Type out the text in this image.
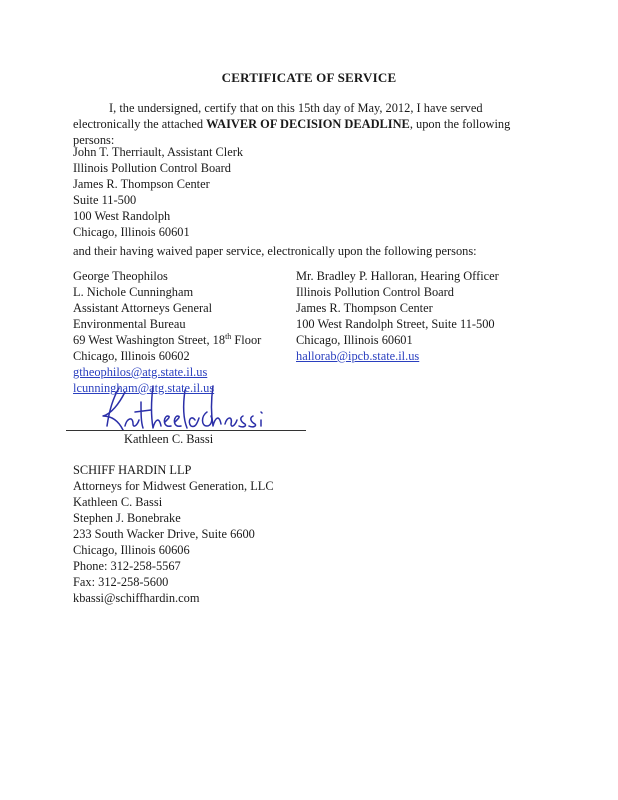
CERTIFICATE OF SERVICE
I, the undersigned, certify that on this 15th day of May, 2012, I have served electronically the attached WAIVER OF DECISION DEADLINE, upon the following persons:
John T. Therriault, Assistant Clerk
Illinois Pollution Control Board
James R. Thompson Center
Suite 11-500
100 West Randolph
Chicago, Illinois 60601
and their having waived paper service, electronically upon the following persons:
George Theophilos
L. Nichole Cunningham
Assistant Attorneys General
Environmental Bureau
69 West Washington Street, 18th Floor
Chicago, Illinois 60602
gtheophilos@atg.state.il.us
lcunningham@atg.state.il.us
Mr. Bradley P. Halloran, Hearing Officer
Illinois Pollution Control Board
James R. Thompson Center
100 West Randolph Street, Suite 11-500
Chicago, Illinois 60601
hallorab@ipcb.state.il.us
Kathleen C. Bassi
SCHIFF HARDIN LLP
Attorneys for Midwest Generation, LLC
Kathleen C. Bassi
Stephen J. Bonebrake
233 South Wacker Drive, Suite 6600
Chicago, Illinois 60606
Phone: 312-258-5567
Fax: 312-258-5600
kbassi@schiffhardin.com
